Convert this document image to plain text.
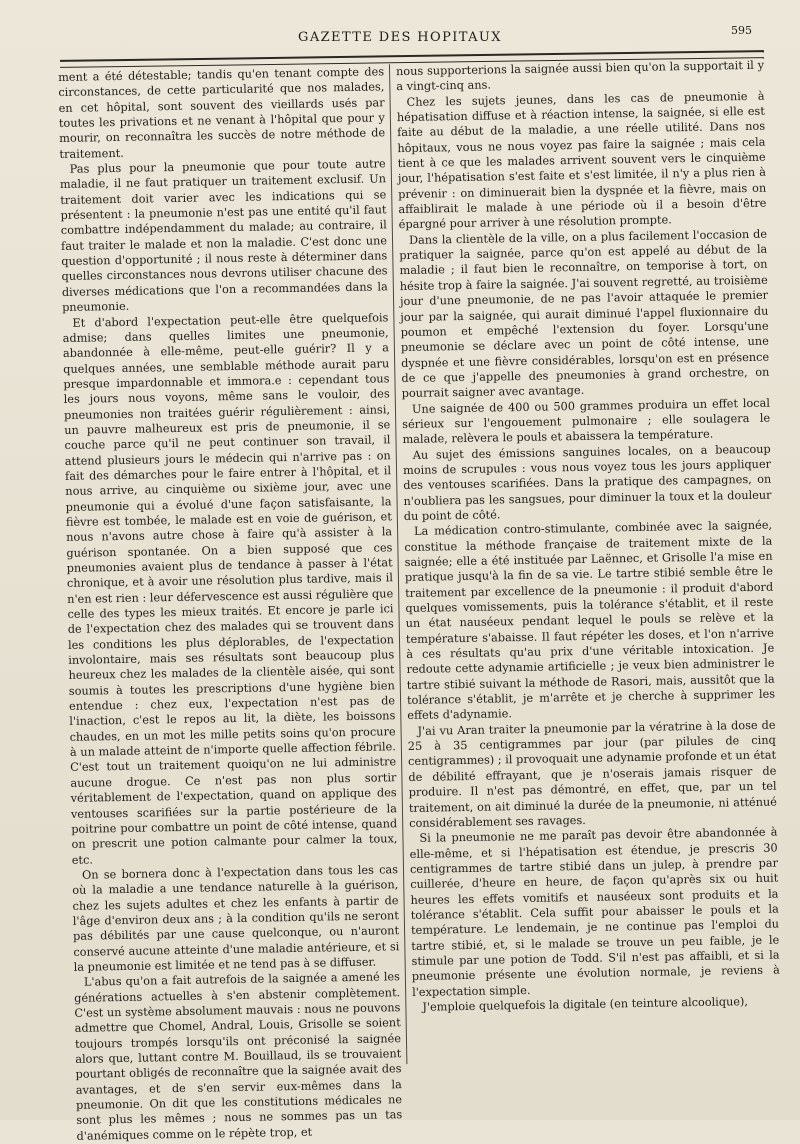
GAZETTE DES HOPITAUX	595

ment a été détestable; tandis qu'en tenant compte des circonstances, de cette particularité que nos malades, en cet hôpital, sont souvent des vieillards usés par toutes les privations et ne venant à l'hôpital que pour y mourir, on reconnaîtra les succès de notre méthode de traitement.

Pas plus pour la pneumonie que pour toute autre maladie, il ne faut pratiquer un traitement exclusif. Un traitement doit varier avec les indications qui se présentent : la pneumonie n'est pas une entité qu'il faut combattre indépendamment du malade; au contraire, il faut traiter le malade et non la maladie. C'est donc une question d'opportunité ; il nous reste à déterminer dans quelles circonstances nous devrons utiliser chacune des diverses médications que l'on a recommandées dans la pneumonie.

Et d'abord l'expectation peut-elle être quelquefois admise; dans quelles limites une pneumonie, abandonnée à elle-même, peut-elle guérir? Il y a quelques années, une semblable méthode aurait paru presque impardonnable et immora.e : cependant tous les jours nous voyons, même sans le vouloir, des pneumonies non traitées guérir régulièrement : ainsi, un pauvre malheureux est pris de pneumonie, il se couche parce qu'il ne peut continuer son travail, il attend plusieurs jours le médecin qui n'arrive pas : on fait des démarches pour le faire entrer à l'hôpital, et il nous arrive, au cinquième ou sixième jour, avec une pneumonie qui a évolué d'une façon satisfaisante, la fièvre est tombée, le malade est en voie de guérison, et nous n'avons autre chose à faire qu'à assister à la guérison spontanée. On a bien supposé que ces pneumonies avaient plus de tendance à passer à l'état chronique, et à avoir une résolution plus tardive, mais il n'en est rien : leur défervescence est aussi régulière que celle des types les mieux traités. Et encore je parle ici de l'expectation chez des malades qui se trouvent dans les conditions les plus déplorables, de l'expectation involontaire, mais ses résultats sont beaucoup plus heureux chez les malades de la clientèle aisée, qui sont soumis à toutes les prescriptions d'une hygiène bien entendue : chez eux, l'expectation n'est pas de l'inaction, c'est le repos au lit, la diète, les boissons chaudes, en un mot les mille petits soins qu'on procure à un malade atteint de n'importe quelle affection fébrile. C'est tout un traitement quoiqu'on ne lui administre aucune drogue. Ce n'est pas non plus sortir véritablement de l'expectation, quand on applique des ventouses scarifiées sur la partie postérieure de la poitrine pour combattre un point de côté intense, quand on prescrit une potion calmante pour calmer la toux, etc.

On se bornera donc à l'expectation dans tous les cas où la maladie a une tendance naturelle à la guérison, chez les sujets adultes et chez les enfants à partir de l'âge d'environ deux ans ; à la condition qu'ils ne seront pas débilités par une cause quelconque, ou n'auront conservé aucune atteinte d'une maladie antérieure, et si la pneumonie est limitée et ne tend pas à se diffuser.

L'abus qu'on a fait autrefois de la saignée a amené les générations actuelles à s'en abstenir complètement. C'est un système absolument mauvais : nous ne pouvons admettre que Chomel, Andral, Louis, Grisolle se soient toujours trompés lorsqu'ils ont préconisé la saignée alors que, luttant contre M. Bouillaud, ils se trouvaient pourtant obligés de reconnaître que la saignée avait des avantages, et de s'en servir eux-mêmes dans la pneumonie. On dit que les constitutions médicales ne sont plus les mêmes ; nous ne sommes pas un tas d'anémiques comme on le répète trop, et

nous supporterions la saignée aussi bien qu'on la supportait il y a vingt-cinq ans.

Chez les sujets jeunes, dans les cas de pneumonie à hépatisation diffuse et à réaction intense, la saignée, si elle est faite au début de la maladie, a une réelle utilité. Dans nos hôpitaux, vous ne nous voyez pas faire la saignée ; mais cela tient à ce que les malades arrivent souvent vers le cinquième jour, l'hépatisation s'est faite et s'est limitée, il n'y a plus rien à prévenir : on diminuerait bien la dyspnée et la fièvre, mais on affaiblirait le malade à une période où il a besoin d'être épargné pour arriver à une résolution prompte.

Dans la clientèle de la ville, on a plus facilement l'occasion de pratiquer la saignée, parce qu'on est appelé au début de la maladie ; il faut bien le reconnaître, on temporise à tort, on hésite trop à faire la saignée. J'ai souvent regretté, au troisième jour d'une pneumonie, de ne pas l'avoir attaquée le premier jour par la saignée, qui aurait diminué l'appel fluxionnaire du poumon et empêché l'extension du foyer. Lorsqu'une pneumonie se déclare avec un point de côté intense, une dyspnée et une fièvre considérables, lorsqu'on est en présence de ce que j'appelle des pneumonies à grand orchestre, on pourrait saigner avec avantage.

Une saignée de 400 ou 500 grammes produira un effet local sérieux sur l'engouement pulmonaire ; elle soulagera le malade, relèvera le pouls et abaissera la température.

Au sujet des émissions sanguines locales, on a beaucoup moins de scrupules : vous nous voyez tous les jours appliquer des ventouses scarifiées. Dans la pratique des campagnes, on n'oubliera pas les sangsues, pour diminuer la toux et la douleur du point de côté.

La médication contro-stimulante, combinée avec la saignée, constitue la méthode française de traitement mixte de la saignée; elle a été instituée par Laënnec, et Grisolle l'a mise en pratique jusqu'à la fin de sa vie. Le tartre stibié semble être le traitement par excellence de la pneumonie : il produit d'abord quelques vomissements, puis la tolérance s'établit, et il reste un état nauséeux pendant lequel le pouls se relève et la température s'abaisse. Il faut répéter les doses, et l'on n'arrive à ces résultats qu'au prix d'une véritable intoxication. Je redoute cette adynamie artificielle ; je veux bien administrer le tartre stibié suivant la méthode de Rasori, mais, aussitôt que la tolérance s'établit, je m'arrête et je cherche à supprimer les effets d'adynamie.

J'ai vu Aran traiter la pneumonie par la vératrine à la dose de 25 à 35 centigrammes par jour (par pilules de cinq centigrammes) ; il provoquait une adynamie profonde et un état de débilité effrayant, que je n'oserais jamais risquer de produire. Il n'est pas démontré, en effet, que, par un tel traitement, on ait diminué la durée de la pneumonie, ni atténué considérablement ses ravages.

Si la pneumonie ne me paraît pas devoir être abandonnée à elle-même, et si l'hépatisation est étendue, je prescris 30 centigrammes de tartre stibié dans un julep, à prendre par cuillerée, d'heure en heure, de façon qu'après six ou huit heures les effets vomitifs et nauséeux sont produits et la tolérance s'établit. Cela suffit pour abaisser le pouls et la température. Le lendemain, je ne continue pas l'emploi du tartre stibié, et, si le malade se trouve un peu faible, je le stimule par une potion de Todd. S'il n'est pas affaibli, et si la pneumonie présente une évolution normale, je reviens à l'expectation simple.

J'emploie quelquefois la digitale (en teinture alcoolique),
